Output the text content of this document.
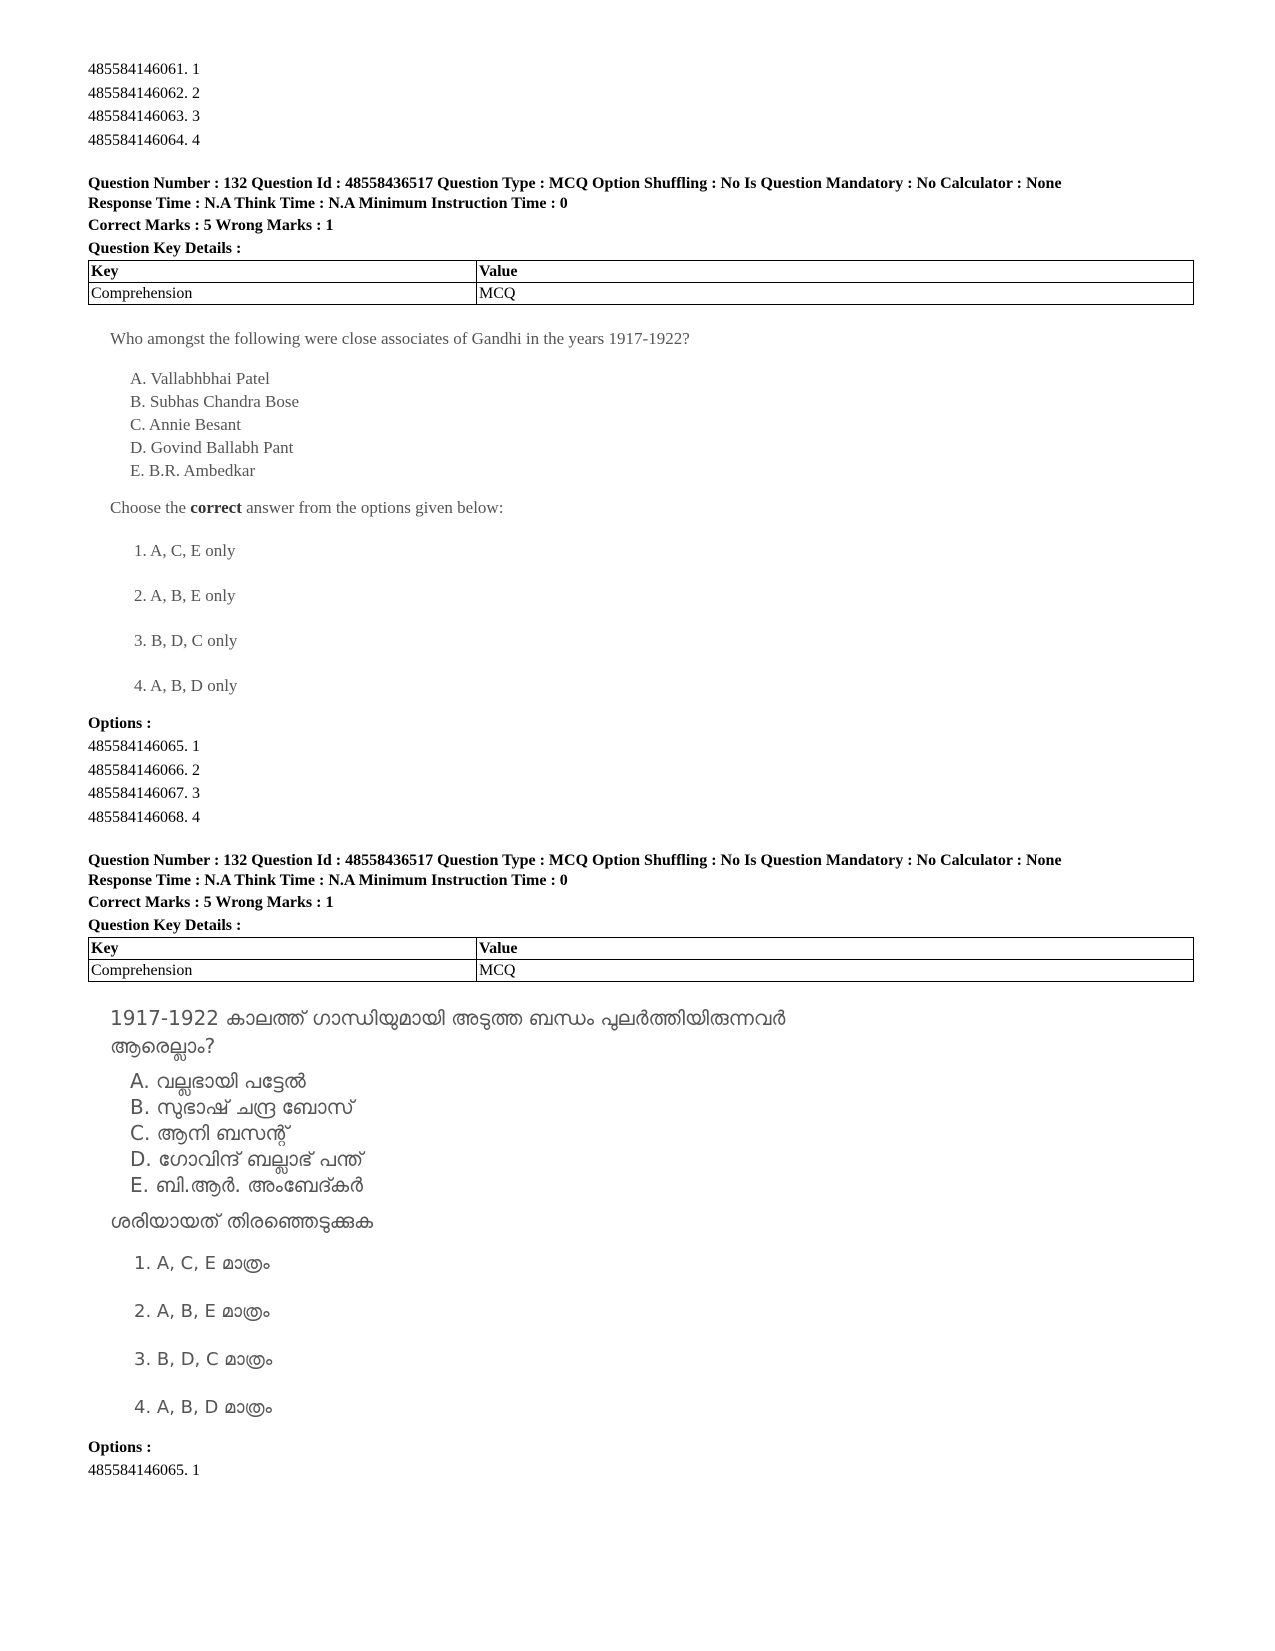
485584146061. 1
485584146062. 2
485584146063. 3
485584146064. 4
Question Number : 132 Question Id : 48558436517 Question Type : MCQ Option Shuffling : No Is Question Mandatory : No Calculator : None
Response Time : N.A Think Time : N.A Minimum Instruction Time : 0
Correct Marks : 5 Wrong Marks : 1
Question Key Details :
Key	Value
Comprehension	MCQ
Who amongst the following were close associates of Gandhi in the years 1917-1922?
A. Vallabhbhai Patel
B. Subhas Chandra Bose
C. Annie Besant
D. Govind Ballabh Pant
E. B.R. Ambedkar
Choose the correct answer from the options given below:
1. A, C, E only
2. A, B, E only
3. B, D, C only
4. A, B, D only
Options :
485584146065. 1
485584146066. 2
485584146067. 3
485584146068. 4
Question Number : 132 Question Id : 48558436517 Question Type : MCQ Option Shuffling : No Is Question Mandatory : No Calculator : None
Response Time : N.A Think Time : N.A Minimum Instruction Time : 0
Correct Marks : 5 Wrong Marks : 1
Question Key Details :
Key	Value
Comprehension	MCQ
1917-1922 കാലത്ത് ഗാന്ധിയുമായി അടുത്ത ബന്ധം പുലർത്തിയിരുന്നവർ
ആരെല്ലാം?
A. വല്ലഭായി പട്ടേൽ
B. സുഭാഷ് ചന്ദ്ര ബോസ്
C. ആനി ബസന്റ്
D. ഗോവിന്ദ് ബല്ലാഭ് പന്ത്
E. ബി.ആർ. അംബേദ്കർ
ശരിയായത് തിരഞ്ഞെടുക്കുക
1. A, C, E മാത്രം
2. A, B, E മാത്രം
3. B, D, C മാത്രം
4. A, B, D മാത്രം
Options :
485584146065. 1
